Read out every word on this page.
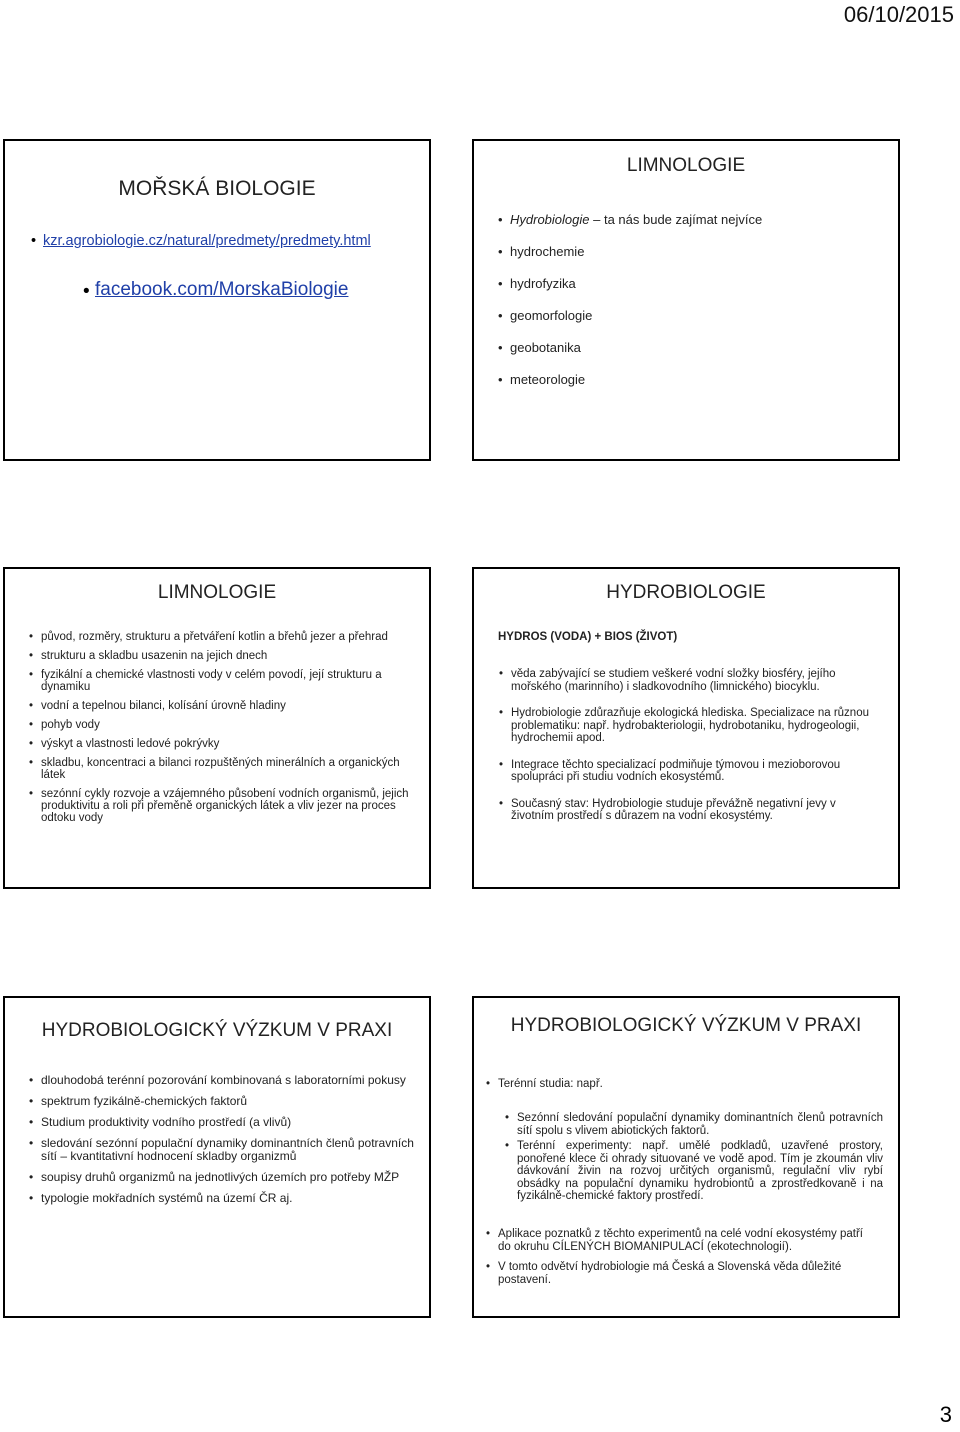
06/10/2015
MOŘSKÁ BIOLOGIE
• kzr.agrobiologie.cz/natural/predmety/predmety.html
• facebook.com/MorskaBiologie
LIMNOLOGIE
• Hydrobiologie – ta nás bude zajímat nejvíce
• hydrochemie
• hydrofyzika
• geomorfologie
• geobotanika
• meteorologie
LIMNOLOGIE
• původ, rozměry, strukturu a přetváření kotlin a břehů jezer a přehrad
• strukturu a skladbu usazenin na jejich dnech
• fyzikální a chemické vlastnosti vody v celém povodí, její strukturu a dynamiku
• vodní a tepelnou bilanci, kolísání úrovně hladiny
• pohyb vody
• výskyt a vlastnosti ledové pokrývky
• skladbu, koncentraci a bilanci rozpuštěných minerálních a organických látek
• sezónní cykly rozvoje a vzájemného působení vodních organismů, jejich produktivitu a roli při přeměně organických látek a vliv jezer na proces odtoku vody
HYDROBIOLOGIE
HYDROS (VODA) + BIOS (ŽIVOT)
• věda zabývající se studiem veškeré vodní složky biosféry, jejího mořského (marinního) i sladkovodního (limnického) biocyklu.
• Hydrobiologie zdůrazňuje ekologická hlediska. Specializace na různou problematiku: např. hydrobakteriologii, hydrobotaniku, hydrogeologii, hydrochemii apod.
• Integrace těchto specializací podmiňuje týmovou i mezioborovou spolupráci při studiu vodních ekosystémů.
• Současný stav: Hydrobiologie studuje převážně negativní jevy v životním prostředí s důrazem na vodní ekosystémy.
HYDROBIOLOGICKÝ VÝZKUM V PRAXI
• dlouhodobá terénní pozorování kombinovaná s laboratorními pokusy
• spektrum fyzikálně-chemických faktorů
• Studium produktivity vodního prostředí (a vlivů)
• sledování sezónní populační dynamiky dominantních členů potravních sítí – kvantitativní hodnocení skladby organizmů
• soupisy druhů organizmů na jednotlivých územích pro potřeby MŽP
• typologie mokřadních systémů na území ČR aj.
HYDROBIOLOGICKÝ VÝZKUM V PRAXI
• Terénní studia: např.
• Sezónní sledování populační dynamiky dominantních členů potravních sítí spolu s vlivem abiotických faktorů.
• Terénní experimenty: např. umělé podkladů, uzavřené prostory, ponořené klece či ohrady situované ve vodě apod. Tím je zkoumán vliv dávkování živin na rozvoj určitých organismů, regulační vliv rybí obsádky na populační dynamiku hydrobiontů a zprostředkovaně i na fyzikálně-chemické faktory prostředí.
• Aplikace poznatků z těchto experimentů na celé vodní ekosystémy patří do okruhu CÍLENÝCH BIOMANIPULACÍ (ekotechnologií).
• V tomto odvětví hydrobiologie má Česká a Slovenská věda důležité postavení.
3
